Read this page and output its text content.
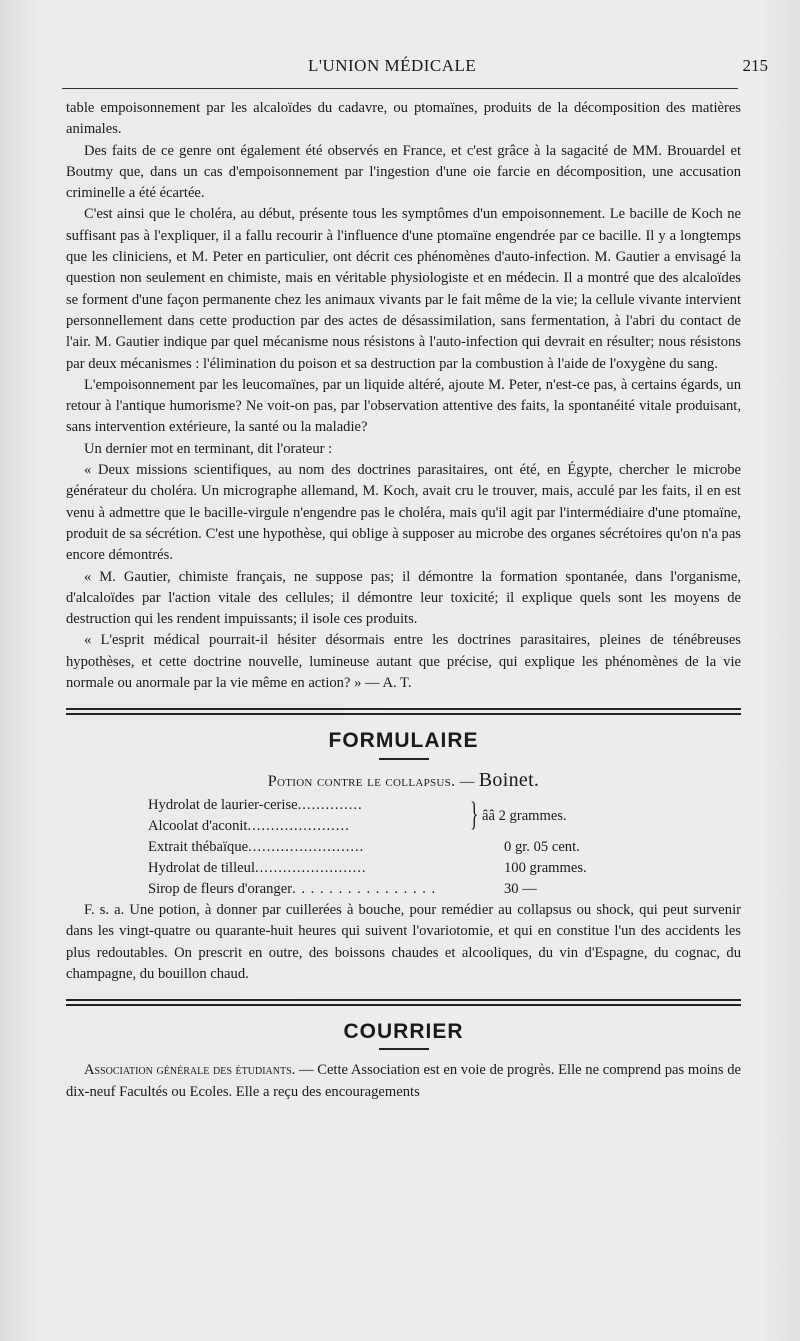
L'UNION MÉDICALE	215

table empoisonnement par les alcaloïdes du cadavre, ou ptomaïnes, produits de la décomposition des matières animales.

Des faits de ce genre ont également été observés en France, et c'est grâce à la sagacité de MM. Brouardel et Boutmy que, dans un cas d'empoisonnement par l'ingestion d'une oie farcie en décomposition, une accusation criminelle a été écartée.

C'est ainsi que le choléra, au début, présente tous les symptômes d'un empoisonnement. Le bacille de Koch ne suffisant pas à l'expliquer, il a fallu recourir à l'influence d'une ptomaïne engendrée par ce bacille. Il y a longtemps que les cliniciens, et M. Peter en particulier, ont décrit ces phénomènes d'auto-infection. M. Gautier a envisagé la question non seulement en chimiste, mais en véritable physiologiste et en médecin. Il a montré que des alcaloïdes se forment d'une façon permanente chez les animaux vivants par le fait même de la vie; la cellule vivante intervient personnellement dans cette production par des actes de désassimilation, sans fermentation, à l'abri du contact de l'air. M. Gautier indique par quel mécanisme nous résistons à l'auto-infection qui devrait en résulter; nous résistons par deux mécanismes : l'élimination du poison et sa destruction par la combustion à l'aide de l'oxygène du sang.

L'empoisonnement par les leucomaïnes, par un liquide altéré, ajoute M. Peter, n'est-ce pas, à certains égards, un retour à l'antique humorisme? Ne voit-on pas, par l'observation attentive des faits, la spontanéité vitale produisant, sans intervention extérieure, la santé ou la maladie?

Un dernier mot en terminant, dit l'orateur :

« Deux missions scientifiques, au nom des doctrines parasitaires, ont été, en Égypte, chercher le microbe générateur du choléra. Un micrographe allemand, M. Koch, avait cru le trouver, mais, acculé par les faits, il en est venu à admettre que le bacille-virgule n'engendre pas le choléra, mais qu'il agit par l'intermédiaire d'une ptomaïne, produit de sa sécrétion. C'est une hypothèse, qui oblige à supposer au microbe des organes sécrétoires qu'on n'a pas encore démontrés.

« M. Gautier, chimiste français, ne suppose pas; il démontre la formation spontanée, dans l'organisme, d'alcaloïdes par l'action vitale des cellules; il démontre leur toxicité; il explique quels sont les moyens de destruction qui les rendent impuissants; il isole ces produits.

« L'esprit médical pourrait-il hésiter désormais entre les doctrines parasitaires, pleines de ténébreuses hypothèses, et cette doctrine nouvelle, lumineuse autant que précise, qui explique les phénomènes de la vie normale ou anormale par la vie même en action? » — A. T.

FORMULAIRE
Potion contre le collapsus. — Boinet.
Hydrolat de laurier-cerise..............
Alcoolat d'aconit......................	} ââ 2 grammes.
Extrait thébaïque.........................	0 gr. 05 cent.
Hydrolat de tilleul........................	100 grammes.
Sirop de fleurs d'oranger. . . . . . . . . . . . . . . .	30 —

F. s. a. Une potion, à donner par cuillerées à bouche, pour remédier au collapsus ou shock, qui peut survenir dans les vingt-quatre ou quarante-huit heures qui suivent l'ovariotomie, et qui en constitue l'un des accidents les plus redoutables. On prescrit en outre, des boissons chaudes et alcooliques, du vin d'Espagne, du cognac, du champagne, du bouillon chaud.

COURRIER

Association générale des étudiants. — Cette Association est en voie de progrès. Elle ne comprend pas moins de dix-neuf Facultés ou Ecoles. Elle a reçu des encouragements
